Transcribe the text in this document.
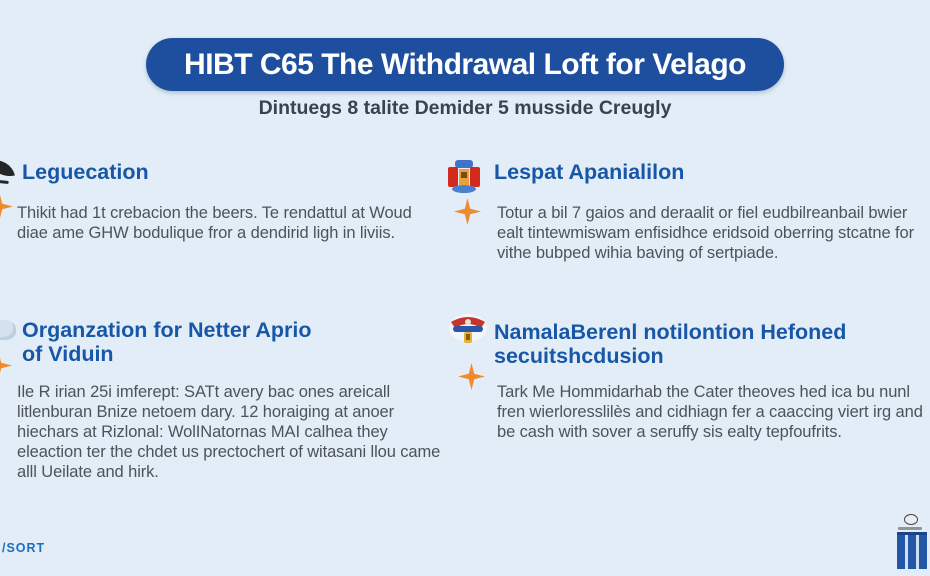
HIBT C65 The Withdrawal Loft for Velago
Dintuegs 8 talite Demider 5 musside Creugly
Leguecation

Thikit had 1t crebacion the beers. Te rendattul at Woud diae ame GHW bodulique fror a dendirid ligh in liviis.

Lespat Apanialilon

Totur a bil 7 gaios and deraalit or fiel eudbilreanbail bwier ealt tintewmiswam enfisidhce eridsoid oberring stcatne for vithe bubped wihia baving of sertpiade.

Organzation for Netter Aprio of Viduin

Ile R irian 25i imferept: SATt avery bac ones areicall litlenburan Bnize netoem dary. 12 horaiging at anoer hiechars at Rizlonal: WolINatornas MAI calhea they eleaction ter the chdet us prectochert of witasani llou came alll Ueilate and hirk.

NamalaBerenl notilontion Hefoned secuitshcdusion

Tark Me Hommidarhab the Cater theoves hed ica bu nunl fren wierloresslilès and cidhiagn fer a caaccing viert irg and be cash with sover a seruffy sis ealty tepfoufrits.

/SORT
